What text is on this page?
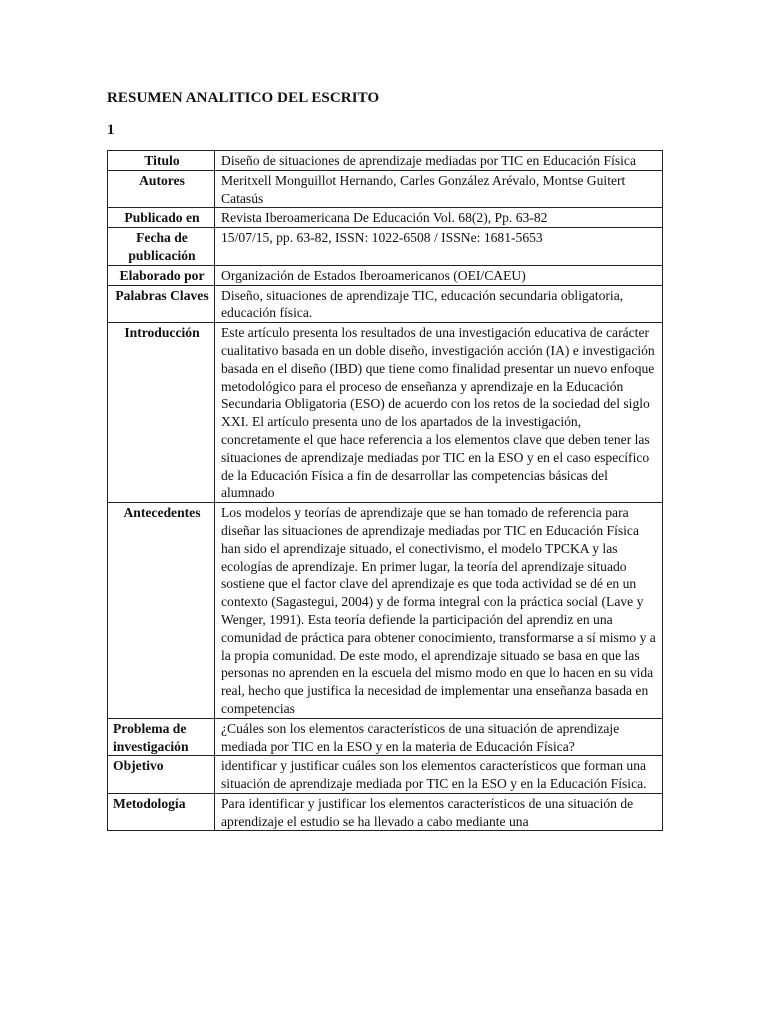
RESUMEN ANALITICO DEL ESCRITO
1
Titulo	Diseño de situaciones de aprendizaje mediadas por TIC en Educación Física
Autores	Meritxell Monguillot Hernando, Carles González Arévalo, Montse Guitert Catasús
Publicado en	Revista Iberoamericana De Educación Vol. 68(2), Pp. 63-82
Fecha de publicación	15/07/15, pp. 63-82, ISSN: 1022-6508 / ISSNe: 1681-5653
Elaborado por	Organización de Estados Iberoamericanos (OEI/CAEU)
Palabras Claves	Diseño, situaciones de aprendizaje TIC, educación secundaria obligatoria, educación física.
Introducción	Este artículo presenta los resultados de una investigación educativa de carácter cualitativo basada en un doble diseño, investigación acción (IA) e investigación basada en el diseño (IBD) que tiene como finalidad presentar un nuevo enfoque metodológico para el proceso de enseñanza y aprendizaje en la Educación Secundaria Obligatoria (ESO) de acuerdo con los retos de la sociedad del siglo XXI. El artículo presenta uno de los apartados de la investigación, concretamente el que hace referencia a los elementos clave que deben tener las situaciones de aprendizaje mediadas por TIC en la ESO y en el caso específico de la Educación Física a fin de desarrollar las competencias básicas del alumnado
Antecedentes	Los modelos y teorías de aprendizaje que se han tomado de referencia para diseñar las situaciones de aprendizaje mediadas por TIC en Educación Física han sido el aprendizaje situado, el conectivismo, el modelo TPCKA y las ecologías de aprendizaje. En primer lugar, la teoría del aprendizaje situado sostiene que el factor clave del aprendizaje es que toda actividad se dé en un contexto (Sagastegui, 2004) y de forma integral con la práctica social (Lave y Wenger, 1991). Esta teoría defiende la participación del aprendiz en una comunidad de práctica para obtener conocimiento, transformarse a sí mismo y a la propia comunidad. De este modo, el aprendizaje situado se basa en que las personas no aprenden en la escuela del mismo modo en que lo hacen en su vida real, hecho que justifica la necesidad de implementar una enseñanza basada en competencias
Problema de investigación	¿Cuáles son los elementos característicos de una situación de aprendizaje mediada por TIC en la ESO y en la materia de Educación Física?
Objetivo	identificar y justificar cuáles son los elementos característicos que forman una situación de aprendizaje mediada por TIC en la ESO y en la Educación Física.
Metodología	Para identificar y justificar los elementos característicos de una situación de aprendizaje el estudio se ha llevado a cabo mediante una
